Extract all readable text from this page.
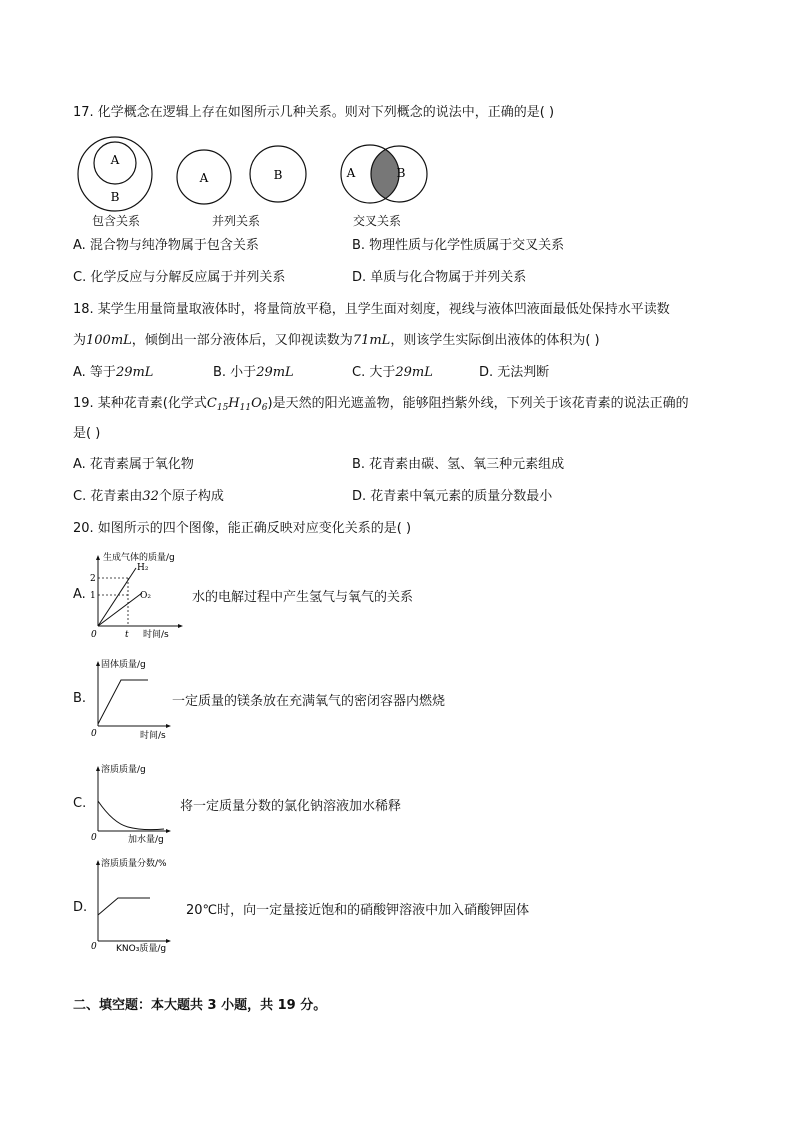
17. 化学概念在逻辑上存在如图所示几种关系。则对下列概念的说法中，正确的是( )
A
B
A	B	A	B
包含关系	并列关系	交叉关系
A. 混合物与纯净物属于包含关系	B. 物理性质与化学性质属于交叉关系
C. 化学反应与分解反应属于并列关系	D. 单质与化合物属于并列关系
18. 某学生用量筒量取液体时，将量筒放平稳，且学生面对刻度，视线与液体凹液面最低处保持水平读数
为100mL，倾倒出一部分液体后，又仰视读数为71mL，则该学生实际倒出液体的体积为( )
A. 等于29mL	B. 小于29mL	C. 大于29mL	D. 无法判断
19. 某种花青素(化学式$C_{15}H_{11}O_6$)是天然的阳光遮盖物，能够阻挡紫外线，下列关于该花青素的说法正确的
是( )
A. 花青素属于氧化物	B. 花青素由碳、氢、氧三种元素组成
C. 花青素由32个原子构成	D. 花青素中氧元素的质量分数最小
20. 如图所示的四个图像，能正确反映对应变化关系的是( )
A.
生成气体的质量/g
时间/s
0
2
1
t
H₂
O₂	水的电解过程中产生氢气与氧气的关系
B.
固体质量/g
时间/s
0
一定质量的镁条放在充满氧气的密闭容器内燃烧
C.
溶质质量/g
加水量/g
0
将一定质量分数的氯化钠溶液加水稀释
D.
溶质质量分数/%
KNO₃质量/g
0
20℃时，向一定量接近饱和的硝酸钾溶液中加入硝酸钾固体
二、填空题：本大题共 3 小题，共 19 分。
